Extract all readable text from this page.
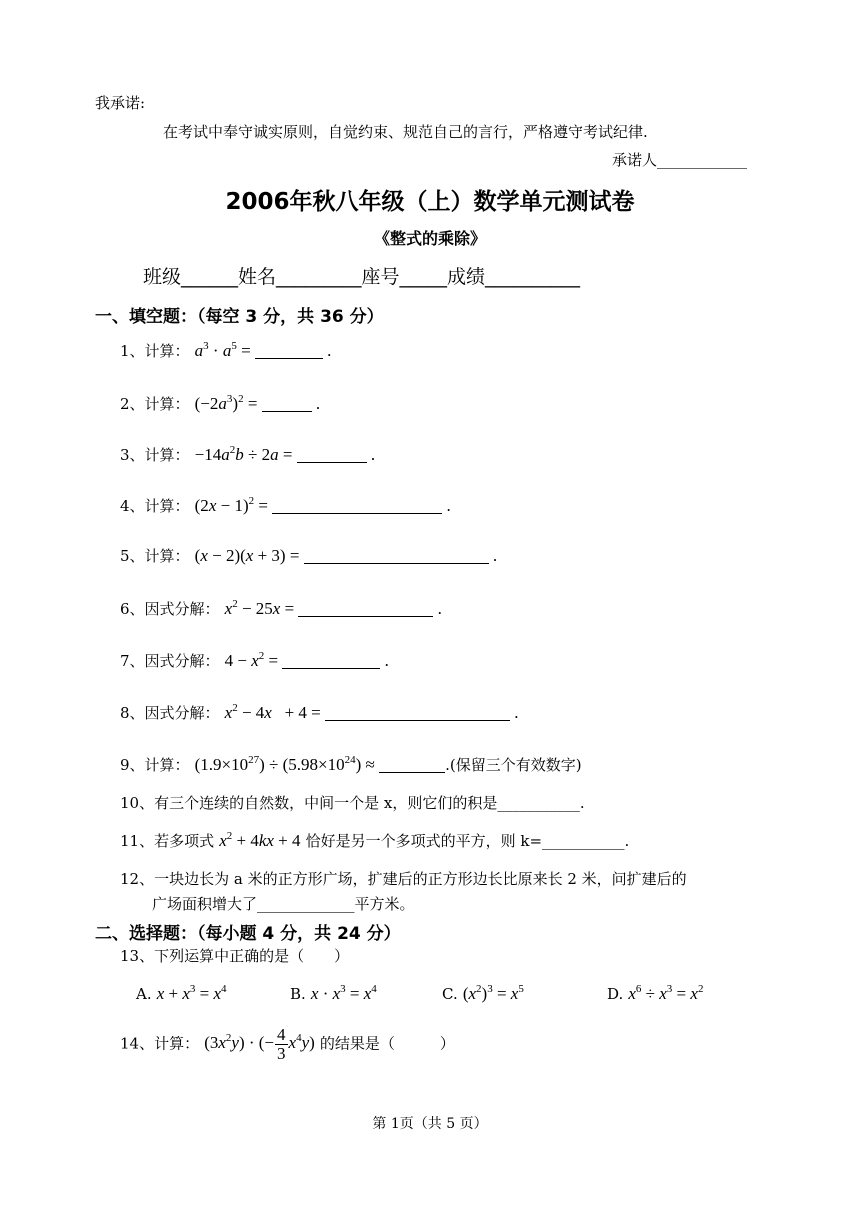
我承诺:
在考试中奉守诚实原则，自觉约束、规范自己的言行，严格遵守考试纪律.
承诺人____________
2006年秋八年级（上）数学单元测试卷
《整式的乘除》
班级______姓名_________座号_____成绩__________
一、填空题：（每空 3 分，共 36 分）
1、计算： $a^3 \cdot a^5$ =	.
2、计算： $(-2a^3)^2$ =	.
3、计算： $-14a^2b \div 2a$ =	.
4、计算： $(2x - 1)^2$ =	.
5、计算： (x − 2)(x + 3) =	.
6、因式分解： $x^2 - 25x$ =	.
7、因式分解： $4 - x^2$ =	.
8、因式分解： $x^2 - 4x + 4$ =	.
9、计算： $(1.9\times 10^{27}) \div (5.98\times 10^{24})$ ≈	.(保留三个有效数字)
10、有三个连续的自然数，中间一个是 x，则它们的积是___________.
11、若多项式 $x^2 + 4kx + 4$ 恰好是另一个多项式的平方，则 k=___________.
12、一块边长为 a 米的正方形广场，扩建后的正方形边长比原来长 2 米，问扩建后的
广场面积增大了_____________平方米。
二、选择题：（每小题 4 分，共 24 分）
13、下列运算中正确的是（　　）
A. $x + x^3 = x^4$	B. $x \cdot x^3 = x^4$	C. $(x^2)^3 = x^5$	D. $x^6 \div x^3 = x^2$
14、计算： $(3x^2y)$ · (− $\frac{4}{3} x^4y$) 的结果是（　　　）
第 1页（共 5 页）
